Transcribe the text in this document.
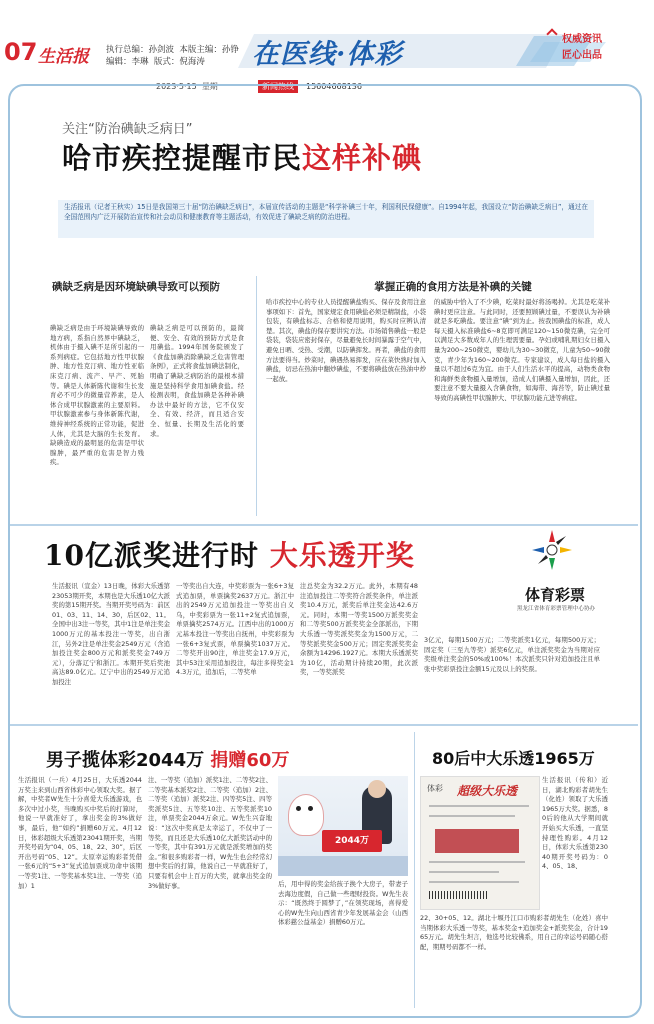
07 生活报 执行总编：孙剑波 本版主编：孙铮
编辑：李琳 版式：倪海涛 在医线·体彩	权威资讯
匠心出品
2023·5·15 星期一	新闻热线	15604668136
关注“防治碘缺乏病日”
哈市疾控提醒市民这样补碘
生活报讯（记者王秋实）15日是我国第三十届“防治碘缺乏病日”，本届宣传活动的主题是“科学补碘三十年，利国利民保健康”。自1994年起，我国设立“防治碘缺乏病日”，通过在全国范围内广泛开展防治宣传和社会动员和健康教育等主题活动，有效促进了碘缺乏病的防治进程。
碘缺乏病是因环境缺碘导致可以预防	掌握正确的食用方法是补碘的关键
碘缺乏病是由于环境缺碘导致的地方病，系指自然界中碘缺乏，机体由于摄入碘不足所引起的一系列病症。它包括地方性甲状腺肿、地方性克汀病、地方性亚临床克汀病、流产、早产、死胎等。碘是人体新陈代谢和生长发育必不可少的微量营养素，是人体合成甲状腺激素的主要原料。甲状腺激素参与身体新陈代谢，维持神经系统的正常功能，促进人体，尤其是大脑的生长发育。缺碘造成的最明显的危害是甲状腺肿，最严重的危害是智力残疾。
碘缺乏病是可以预防的，最简便、安全、有效的预防方式是食用碘盐。1994年国务院颁发了《食盐加碘消除碘缺乏危害管理条例》，正式将食盐加碘法制化，明确了碘缺乏病防治的最根本措施是坚持科学食用加碘食盐。经检测表明，食盐加碘是各种补碘办法中最好的方法，它不仅安全、有效、经济，而且适合安全、恒量、长期及生活化的要求。
哈市疾控中心的专业人员提醒碘盐购买、保存及食用注意事项如下：首先，国家规定食用碘盐必须是精制盐，小袋包装，有碘盐标志、合格和使用说明，购买时应辨认清楚。其次，碘盐的保存要讲究方法。市场销售碘盐一般是袋装，袋装应密封保存，尽量避免长时间暴露于空气中，避免日晒、受热、受潮，以防碘挥发。再者，碘盐的食用方法要得当。炒菜时，碘遇热易挥发，应在菜快熟时加入碘盐，切忌在热油中翻炒碘盐，不要将碘盐放在热油中炒一起放。
的威胁中恰入了不少碘，吃菜时最好将汤喝掉。尤其是吃菜补碘时更应注意。与此同时，还要照顾碘过量，不要误认为补碘就是多吃碘盐。要注意“碘”到为止。按我国碘盐的标准，成人每天摄入标准碘盐6~8克即可满足120~150微克碘，完全可以满足大多数成年人的生理需要量。孕妇或哺乳期妇女日摄入量为200~250微克，婴幼儿为30~30微克，儿童为50~90微克，青少年为160~200微克。专家建议，成人每日盐的摄入量以不超过6克为宜。由于人们生活水平的提高，动物类食物和海鲜类食物摄入量增加，造成人们碘摄入量增加，因此，还要注意不要大量摄入含碘食物，如海带、海苔等，防止碘过量导致的高碘性甲状腺肿大、甲状腺功能亢进等病症。
10亿派奖进行时 大乐透开奖
体育彩票
黑龙江省体育彩票管理中心协办
生活报讯（宣金）13日晚，体彩大乐透第23053期开奖，本期也是大乐透10亿大派奖的第15期开奖。当期开奖号码为：前区01、03、11、14、30，后区02、11。全国中出3注一等奖，其中1注是单注奖金1000万元的基本投注一等奖，出自浙江，另外2注是单注奖金2549万元（含追加投注奖金800万元和派奖奖金749万元），分落辽宁和浙江。本期开奖后奖池高达89.0亿元。辽宁中出的2549万元追加投注
一等奖出自大连，中奖彩票为一张6+3复式追加票，单票擒奖2637万元。浙江中出的2549万元追加投注一等奖出自义乌，中奖彩票为一张11+2复式追加票，单票擒奖2574万元。江西中出的1000万元基本投注一等奖出自抚州，中奖彩票为一张6+3复式票，单票擒奖1037万元。二等奖开出90注，单注奖金17.9万元，其中53注采用追加投注，每注多得奖金14.3万元，追加后，二等奖单
注总奖金为32.2万元。此外，本期有48注追加投注二等奖符合派奖条件，单注派奖10.4万元，派奖后单注奖金达42.6万元。同时，本期一等奖1500万派奖奖金和二等奖500万派奖奖金全部派出，下期大乐透一等奖派奖奖金为1500万元，二等奖派奖奖金500万元；固定奖派奖奖金余额为14296.1927元。本期大乐透派奖为10亿，活动期计持续20期，此次派奖，一等奖派奖
3亿元，每期1500万元；二等奖派奖1亿元，每期500万元；固定奖（三至九等奖）派奖6亿元，单注派奖奖金为当期对应奖级单注奖金的50%或100%！本次派奖只针对追加投注且单张中奖彩票投注金额15元及以上的奖票。
男子揽体彩2044万 捐赠60万
生活报讯（一兵）4月25日，大乐透2044万奖主来到山西省体彩中心领取大奖。据了解，中奖者W先生十分喜爱大乐透游戏，也多次中过小奖，当晚购买中奖后的打算时，他说一早就准好了，拿出奖金的3%做好事，最后，他“如约”捐赠60万元。4月12日，体彩超级大乐透第23041期开奖，当期开奖号码为“04、05、18、22、30”，后区开出号码“05、12”。太原幸运购彩者凭借一张6元的“5+3”复式追加票成功命中该期一等奖1注、一等奖基本奖1注、一等奖（追加）1
注、一等奖（追加）派奖1注、二等奖2注、二等奖基本派奖2注、二等奖（追加）2注、二等奖（追加）派奖2注、四等奖5注、四等奖派奖5注、五等奖10注、五等奖派奖10注，单票奖金2044万余元。W先生兴奋地说：“这次中奖真是太幸运了，不仅中了一等奖，而且还是大乐透10亿大派奖活动中的一等奖，其中有391万元就是派奖增加的奖金。”和很多购彩者一样，W先生也会经常幻想中奖后的打算，他说自己一早就准好了，只要有机会中上百万的大奖，就拿出奖金的3%做好事。
2044万
后，用中得的奖金给孩子换个大房子，带妻子去海边度假，自己做一些理财投资。W先生表示：“既然终于圆梦了，”在领奖现场，喜得爱心的W先生向山西省青少年发展基金会（山西体彩慈公益基金）捐赠60万元。
80后中大乐透1965万
体彩 超级大乐透
生活报讯（传和）近日，湖北购彩者胡先生（化姓）领取了大乐透1965万大奖。据悉，80后的他从大学期间就开始买大乐透，一直坚持理性购彩。4月12日，体彩大乐透第23040期开奖号码为：04、05、18、
22、30+05、12。湖北十堰丹江口市购彩者胡先生（化姓）喜中当期体彩大乐透一等奖，基本奖金+追加奖金+派奖奖金，合计1965万元。胡先生坦言，他选号比较佛系，用自己的幸运号码随心搭配，期期号码都不一样。
